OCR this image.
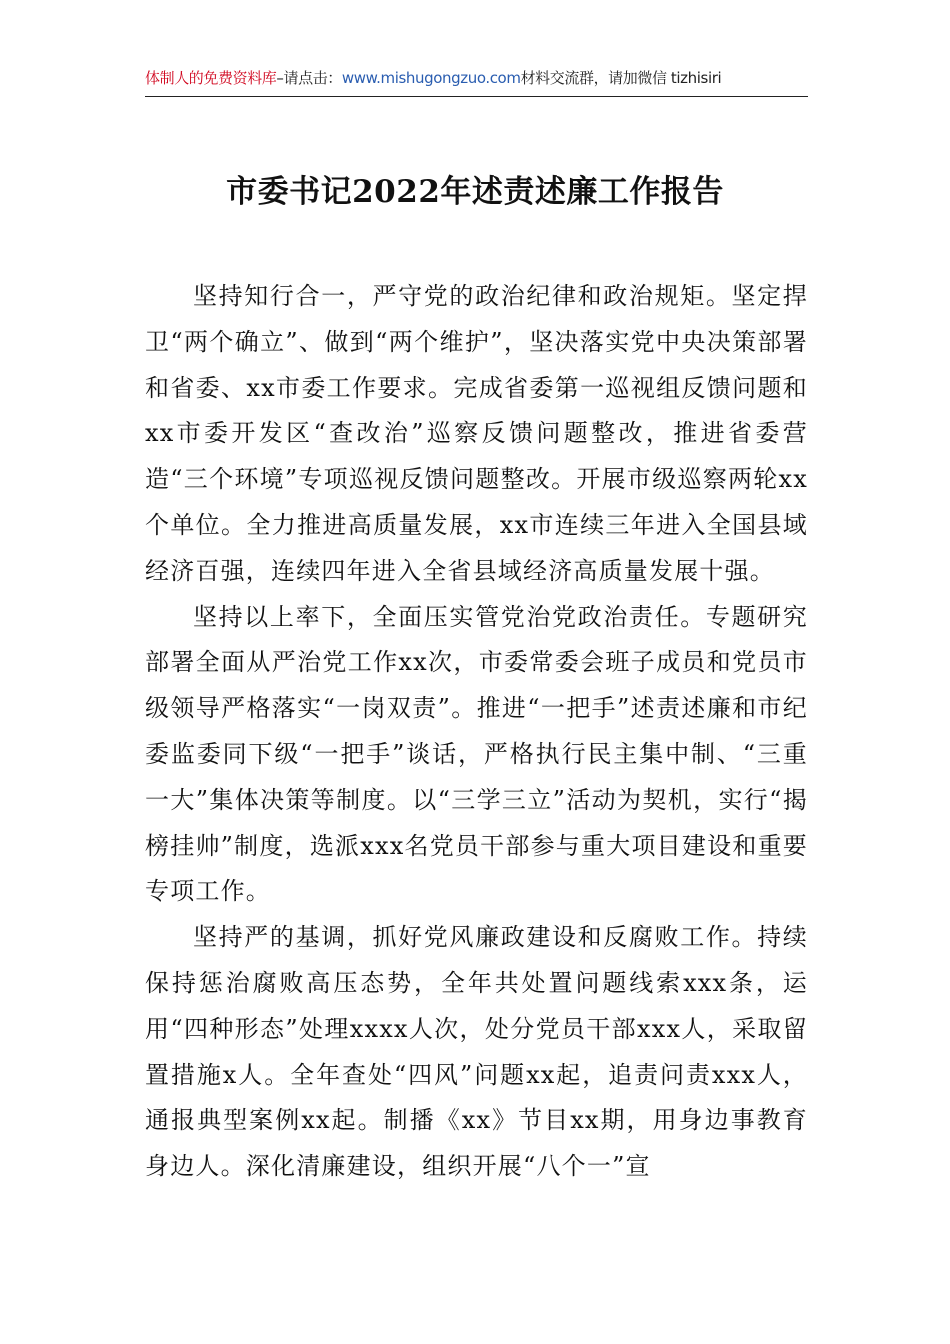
体制人的免费资料库–请点击：www.mishugongzuo.com材料交流群，请加微信 tizhisiri
市委书记2022年述责述廉工作报告

坚持知行合一，严守党的政治纪律和政治规矩。坚定捍卫“两个确立”、做到“两个维护”，坚决落实党中央决策部署和省委、xx市委工作要求。完成省委第一巡视组反馈问题和xx市委开发区“查改治”巡察反馈问题整改，推进省委营造“三个环境”专项巡视反馈问题整改。开展市级巡察两轮xx个单位。全力推进高质量发展，xx市连续三年进入全国县域经济百强，连续四年进入全省县域经济高质量发展十强。

坚持以上率下，全面压实管党治党政治责任。专题研究部署全面从严治党工作xx次，市委常委会班子成员和党员市级领导严格落实“一岗双责”。推进“一把手”述责述廉和市纪委监委同下级“一把手”谈话，严格执行民主集中制、“三重一大”集体决策等制度。以“三学三立”活动为契机，实行“揭榜挂帅”制度，选派xxx名党员干部参与重大项目建设和重要专项工作。

坚持严的基调，抓好党风廉政建设和反腐败工作。持续保持惩治腐败高压态势，全年共处置问题线索xxx条，运用“四种形态”处理xxxx人次，处分党员干部xxx人，采取留置措施x人。全年查处“四风”问题xx起，追责问责xxx人，通报典型案例xx起。制播《xx》节目xx期，用身边事教育身边人。深化清廉建设，组织开展“八个一”宣
